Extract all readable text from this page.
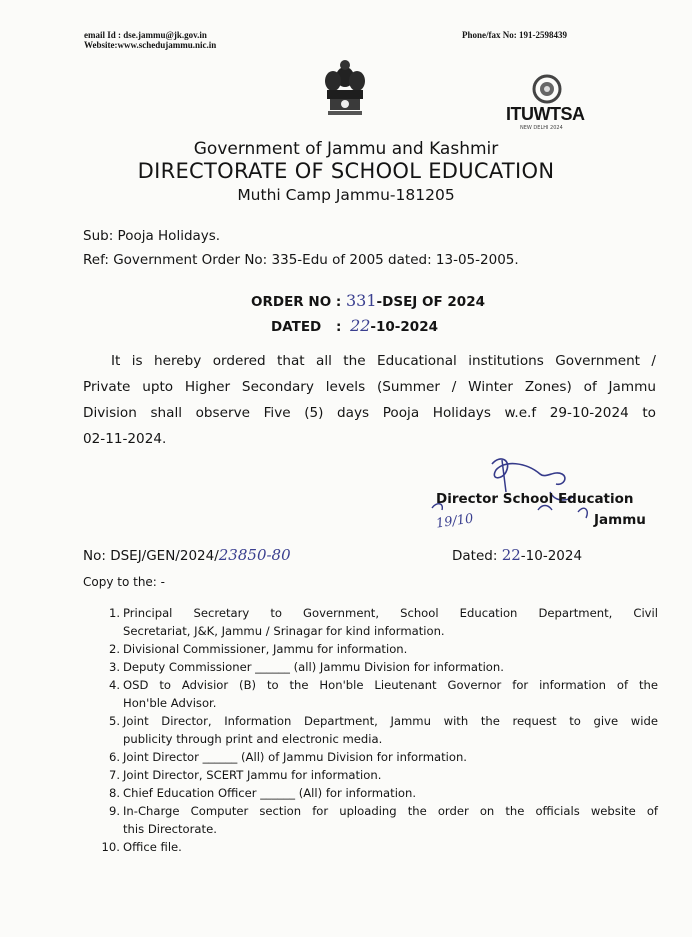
email Id : dse.jammu@jk.gov.in
Website:www.schedujammu.nic.in
Phone/fax No: 191-2598439
ITUWTSA
NEW DELHI 2024
Government of Jammu and Kashmir
DIRECTORATE OF SCHOOL EDUCATION
Muthi Camp Jammu-181205
Sub: Pooja Holidays.
Ref: Government Order No: 335-Edu of 2005 dated: 13-05-2005.
ORDER NO : 331-DSEJ OF 2024
DATED : 22-10-2024
It is hereby ordered that all the Educational institutions Government /
Private upto Higher Secondary levels (Summer / Winter Zones) of Jammu
Division shall observe Five (5) days Pooja Holidays w.e.f 29-10-2024 to
02-11-2024.
Director School Education
Jammu
19/10
No: DSEJ/GEN/2024/23850-80	Dated: 22-10-2024
Copy to the: -
1. Principal Secretary to Government, School Education Department, Civil
Secretariat, J&K, Jammu / Srinagar for kind information.
2. Divisional Commissioner, Jammu for information.
3. Deputy Commissioner ______ (all) Jammu Division for information.
4. OSD to Advisior (B) to the Hon'ble Lieutenant Governor for information of the
Hon'ble Advisor.
5. Joint Director, Information Department, Jammu with the request to give wide
publicity through print and electronic media.
6. Joint Director ______ (All) of Jammu Division for information.
7. Joint Director, SCERT Jammu for information.
8. Chief Education Officer ______ (All) for information.
9. In-Charge Computer section for uploading the order on the officials website of
this Directorate.
10. Office file.
